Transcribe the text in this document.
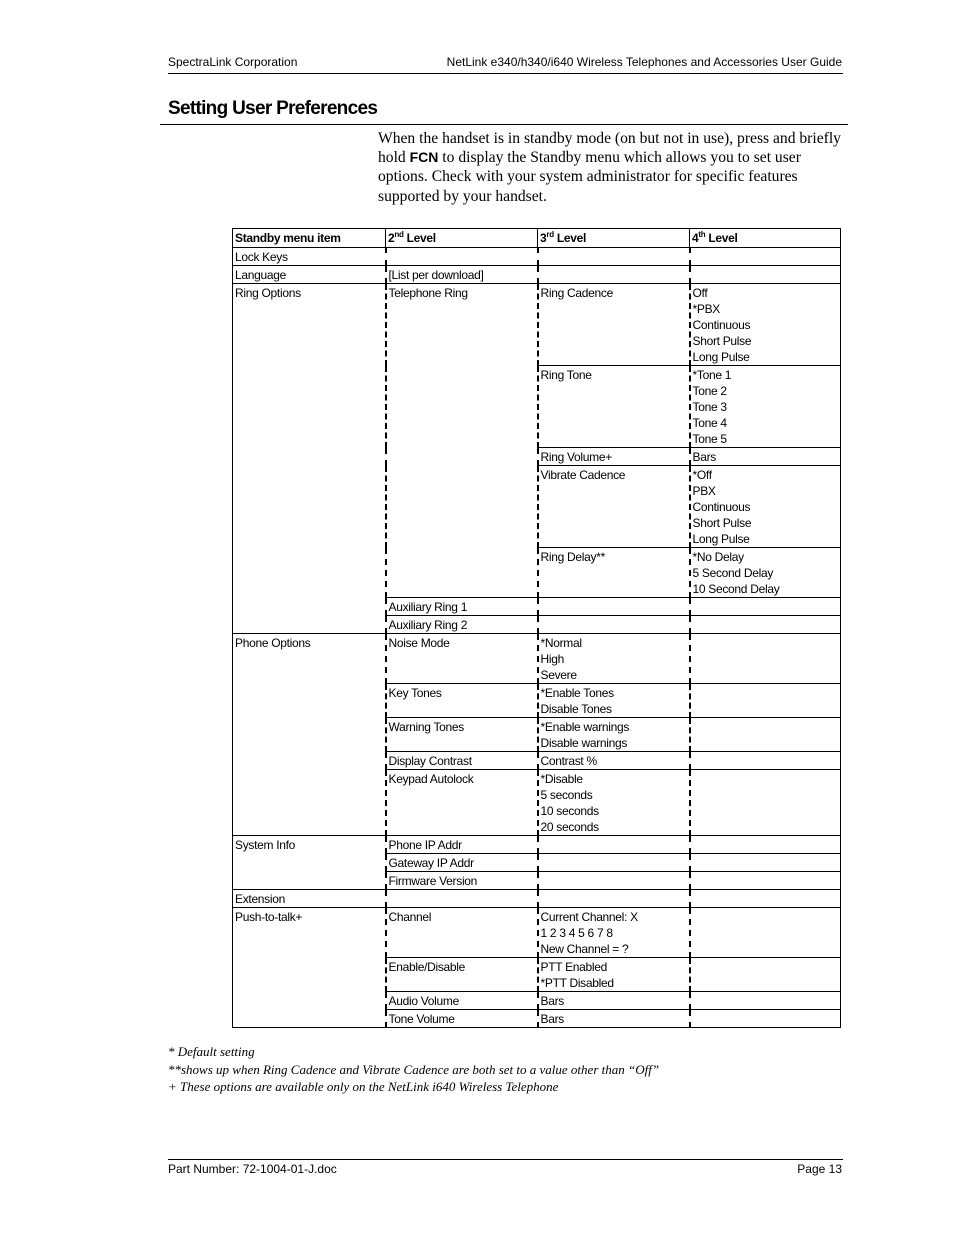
SpectraLink Corporation	NetLink e340/h340/i640 Wireless Telephones and Accessories User Guide
Setting User Preferences
When the handset is in standby mode (on but not in use), press and briefly hold FCN to display the Standby menu which allows you to set user options. Check with your system administrator for specific features supported by your handset.
Standby menu item	2nd Level	3rd Level	4th Level
Lock Keys			
Language	[List per download]		
Ring Options	Telephone Ring	Ring Cadence	Off
*PBX
Continuous
Short Pulse
Long Pulse

		Ring Tone	*Tone 1
Tone 2
Tone 3
Tone 4
Tone 5

		Ring Volume+	Bars
		Vibrate Cadence	*Off
PBX
Continuous
Short Pulse
Long Pulse

		Ring Delay**	*No Delay
5 Second Delay
10 Second Delay

	Auxiliary Ring 1		
	Auxiliary Ring 2		
Phone Options	Noise Mode	*Normal
High
Severe	

	Key Tones	*Enable Tones
Disable Tones	

	Warning Tones	*Enable warnings
Disable warnings	

	Display Contrast	Contrast %	
	Keypad Autolock	*Disable
5 seconds
10 seconds
20 seconds	

System Info	Phone IP Addr		
	Gateway IP Addr		
	Firmware Version		
Extension			
Push-to-talk+	Channel	Current Channel: X
1 2 3 4 5 6 7 8
New Channel = ?	

	Enable/Disable	PTT Enabled
*PTT Disabled	

	Audio Volume	Bars	
	Tone Volume	Bars	
* Default setting
**shows up when Ring Cadence and Vibrate Cadence are both set to a value other than “Off”
+ These options are available only on the NetLink i640 Wireless Telephone
Part Number: 72-1004-01-J.doc	Page 13
